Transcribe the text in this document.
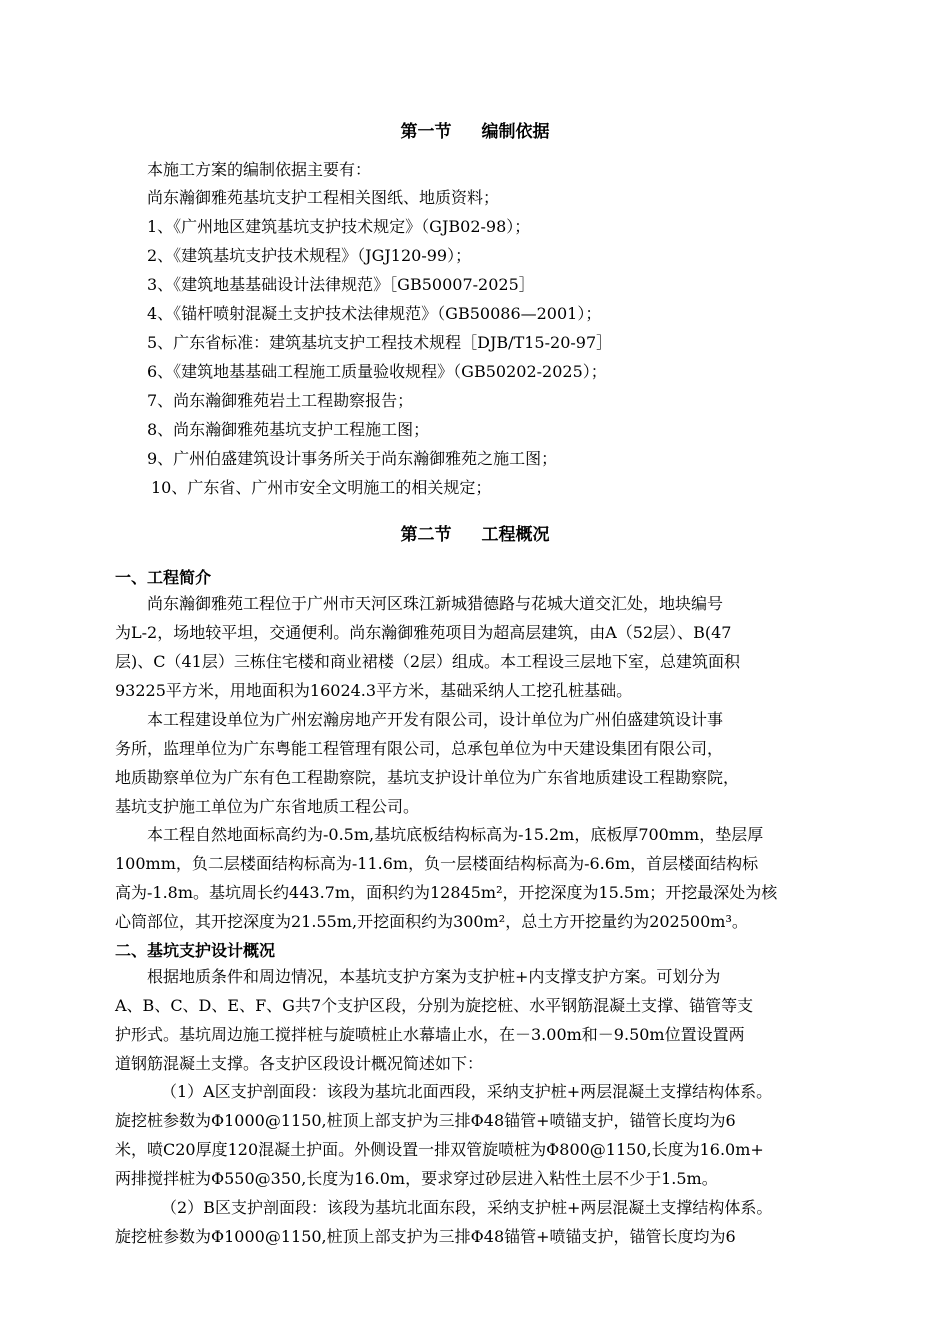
第一节 编制依据
本施工方案的编制依据主要有：
尚东瀚御雅苑基坑支护工程相关图纸、地质资料；
1、《广州地区建筑基坑支护技术规定》（GJB02-98）；
2、《建筑基坑支护技术规程》（JGJ120-99）；
3、《建筑地基基础设计法律规范》［GB50007-2025］
4、《锚杆喷射混凝土支护技术法律规范》（GB50086—2001）；
5、广东省标准：建筑基坑支护工程技术规程［DJB/T15-20-97］
6、《建筑地基基础工程施工质量验收规程》（GB50202-2025）；
7、尚东瀚御雅苑岩土工程勘察报告；
8、尚东瀚御雅苑基坑支护工程施工图；
9、广州伯盛建筑设计事务所关于尚东瀚御雅苑之施工图；
10、广东省、广州市安全文明施工的相关规定；
第二节 工程概况
一、工程简介
尚东瀚御雅苑工程位于广州市天河区珠江新城猎德路与花城大道交汇处，地块编号
为L-2，场地较平坦，交通便利。尚东瀚御雅苑项目为超高层建筑，由A（52层）、B(47
层)、C（41层）三栋住宅楼和商业裙楼（2层）组成。本工程设三层地下室，总建筑面积
93225平方米，用地面积为16024.3平方米，基础采纳人工挖孔桩基础。
本工程建设单位为广州宏瀚房地产开发有限公司，设计单位为广州伯盛建筑设计事
务所，监理单位为广东粤能工程管理有限公司，总承包单位为中天建设集团有限公司，
地质勘察单位为广东有色工程勘察院，基坑支护设计单位为广东省地质建设工程勘察院，
基坑支护施工单位为广东省地质工程公司。
本工程自然地面标高约为-0.5m,基坑底板结构标高为-15.2m，底板厚700mm，垫层厚
100mm，负二层楼面结构标高为-11.6m，负一层楼面结构标高为-6.6m，首层楼面结构标
高为-1.8m。基坑周长约443.7m，面积约为12845m²，开挖深度为15.5m；开挖最深处为核
心筒部位，其开挖深度为21.55m,开挖面积约为300m²，总土方开挖量约为202500m³。
二、基坑支护设计概况
根据地质条件和周边情况，本基坑支护方案为支护桩+内支撑支护方案。可划分为
A、B、C、D、E、F、G共7个支护区段，分别为旋挖桩、水平钢筋混凝土支撑、锚管等支
护形式。基坑周边施工搅拌桩与旋喷桩止水幕墙止水，在－3.00m和－9.50m位置设置两
道钢筋混凝土支撑。各支护区段设计概况简述如下：
（1）A区支护剖面段：该段为基坑北面西段，采纳支护桩+两层混凝土支撑结构体系。
旋挖桩参数为Φ1000@1150,桩顶上部支护为三排Φ48锚管+喷锚支护，锚管长度均为6
米，喷C20厚度120混凝土护面。外侧设置一排双管旋喷桩为Φ800@1150,长度为16.0m+
两排搅拌桩为Φ550@350,长度为16.0m，要求穿过砂层进入粘性土层不少于1.5m。
（2）B区支护剖面段：该段为基坑北面东段，采纳支护桩+两层混凝土支撑结构体系。
旋挖桩参数为Φ1000@1150,桩顶上部支护为三排Φ48锚管+喷锚支护，锚管长度均为6
